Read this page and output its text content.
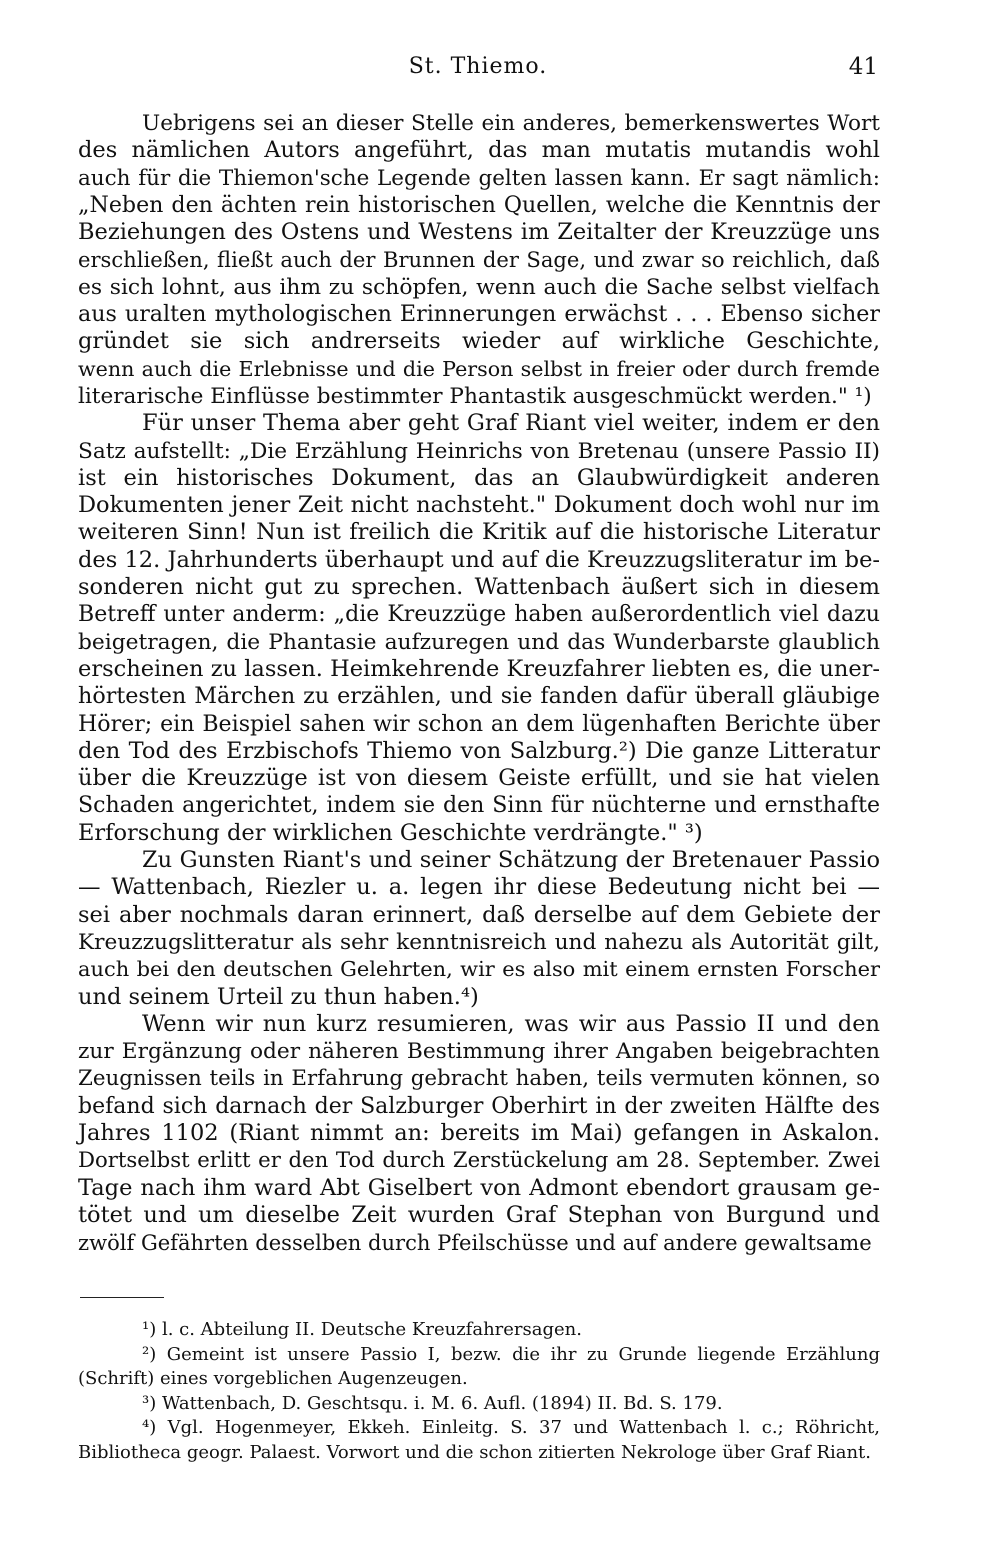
St. Thiemo.	41

Uebrigens sei an dieser Stelle ein anderes, bemerkenswertes Wort
des nämlichen Autors angeführt, das man mutatis mutandis wohl
auch für die Thiemon'sche Legende gelten lassen kann. Er sagt nämlich:
„Neben den ächten rein historischen Quellen, welche die Kenntnis der
Beziehungen des Ostens und Westens im Zeitalter der Kreuzzüge uns
erschließen, fließt auch der Brunnen der Sage, und zwar so reichlich, daß
es sich lohnt, aus ihm zu schöpfen, wenn auch die Sache selbst vielfach
aus uralten mythologischen Erinnerungen erwächst . . . Ebenso sicher
gründet sie sich andrerseits wieder auf wirkliche Geschichte,
wenn auch die Erlebnisse und die Person selbst in freier oder durch fremde
literarische Einflüsse bestimmter Phantastik ausgeschmückt werden." ¹)

Für unser Thema aber geht Graf Riant viel weiter, indem er den
Satz aufstellt: „Die Erzählung Heinrichs von Bretenau (unsere Passio II)
ist ein historisches Dokument, das an Glaubwürdigkeit anderen
Dokumenten jener Zeit nicht nachsteht." Dokument doch wohl nur im
weiteren Sinn! Nun ist freilich die Kritik auf die historische Literatur
des 12. Jahrhunderts überhaupt und auf die Kreuzzugsliteratur im be-
sonderen nicht gut zu sprechen. Wattenbach äußert sich in diesem
Betreff unter anderm: „die Kreuzzüge haben außerordentlich viel dazu
beigetragen, die Phantasie aufzuregen und das Wunderbarste glaublich
erscheinen zu lassen. Heimkehrende Kreuzfahrer liebten es, die uner-
hörtesten Märchen zu erzählen, und sie fanden dafür überall gläubige
Hörer; ein Beispiel sahen wir schon an dem lügenhaften Berichte über
den Tod des Erzbischofs Thiemo von Salzburg.²) Die ganze Litteratur
über die Kreuzzüge ist von diesem Geiste erfüllt, und sie hat vielen
Schaden angerichtet, indem sie den Sinn für nüchterne und ernsthafte
Erforschung der wirklichen Geschichte verdrängte." ³)

Zu Gunsten Riant's und seiner Schätzung der Bretenauer Passio
— Wattenbach, Riezler u. a. legen ihr diese Bedeutung nicht bei —
sei aber nochmals daran erinnert, daß derselbe auf dem Gebiete der
Kreuzzugslitteratur als sehr kenntnisreich und nahezu als Autorität gilt,
auch bei den deutschen Gelehrten, wir es also mit einem ernsten Forscher
und seinem Urteil zu thun haben.⁴)

Wenn wir nun kurz resumieren, was wir aus Passio II und den
zur Ergänzung oder näheren Bestimmung ihrer Angaben beigebrachten
Zeugnissen teils in Erfahrung gebracht haben, teils vermuten können, so
befand sich darnach der Salzburger Oberhirt in der zweiten Hälfte des
Jahres 1102 (Riant nimmt an: bereits im Mai) gefangen in Askalon.
Dortselbst erlitt er den Tod durch Zerstückelung am 28. September. Zwei
Tage nach ihm ward Abt Giselbert von Admont ebendort grausam ge-
tötet und um dieselbe Zeit wurden Graf Stephan von Burgund und
zwölf Gefährten desselben durch Pfeilschüsse und auf andere gewaltsame

¹) l. c. Abteilung II. Deutsche Kreuzfahrersagen.

²) Gemeint ist unsere Passio I, bezw. die ihr zu Grunde liegende Erzählung
(Schrift) eines vorgeblichen Augenzeugen.

³) Wattenbach, D. Geschtsqu. i. M. 6. Aufl. (1894) II. Bd. S. 179.

⁴) Vgl. Hogenmeyer, Ekkeh. Einleitg. S. 37 und Wattenbach l. c.; Röhricht,
Bibliotheca geogr. Palaest. Vorwort und die schon zitierten Nekrologe über Graf Riant.
